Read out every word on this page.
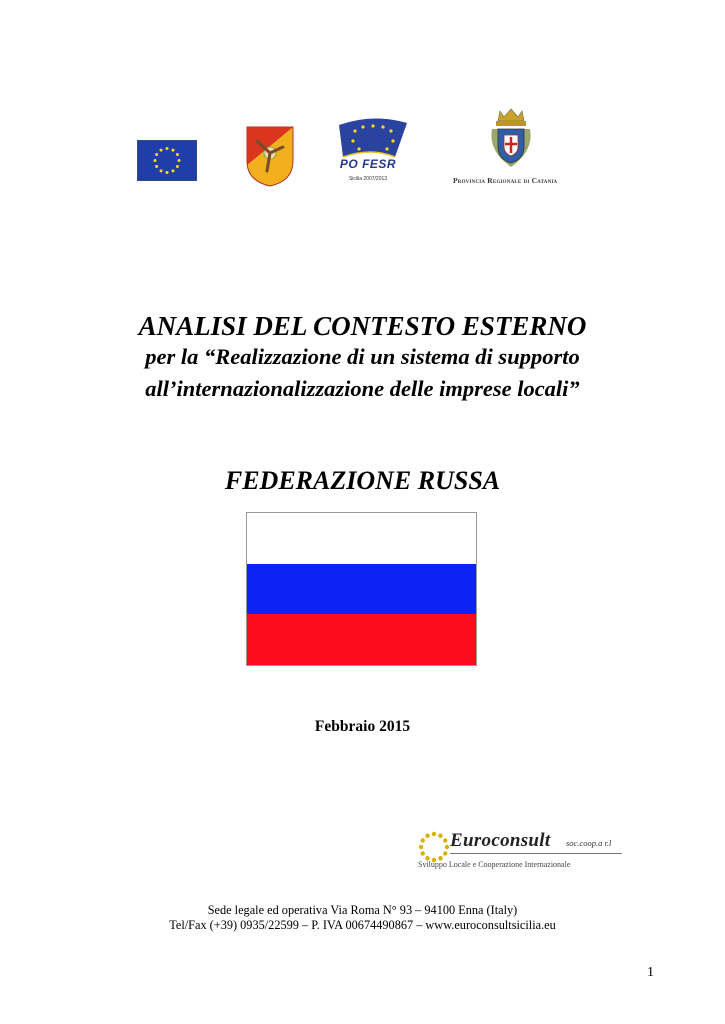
PO FESR
Sicilia 2007/2013	Provincia Regionale di Catania
ANALISI DEL CONTESTO ESTERNO
per la “Realizzazione di un sistema di supporto
all’internazionalizzazione delle imprese locali”
FEDERAZIONE RUSSA
Febbraio 2015
Euroconsult soc.coop.a r.l
Sviluppo Locale e Cooperazione Internazionale
Sede legale ed operativa Via Roma N° 93 – 94100 Enna (Italy)
Tel/Fax (+39) 0935/22599 – P. IVA 00674490867 – www.euroconsultsicilia.eu
1
